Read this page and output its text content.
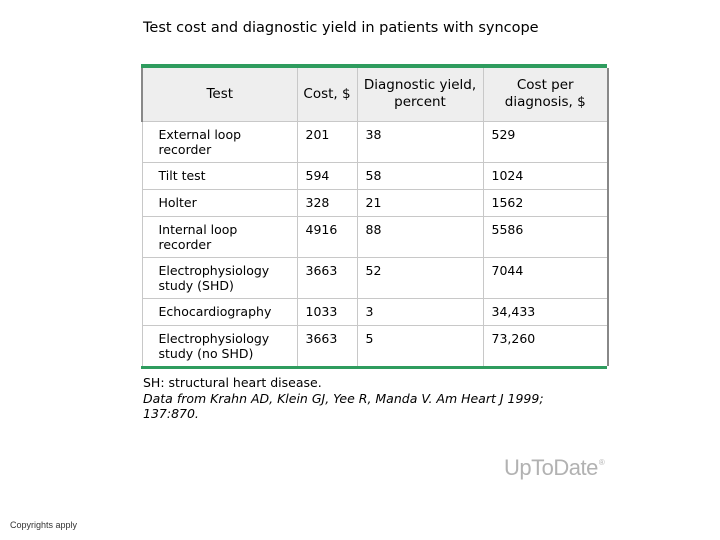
Test cost and diagnostic yield in patients with syncope
Test	Cost, $	Diagnostic yield, percent	Cost per diagnosis, $
External loop recorder	201	38	529
Tilt test	594	58	1024
Holter	328	21	1562
Internal loop recorder	4916	88	5586
Electrophysiology study (SHD)	3663	52	7044
Echocardiography	1033	3	34,433
Electrophysiology study (no SHD)	3663	5	73,260
SH: structural heart disease.
Data from Krahn AD, Klein GJ, Yee R, Manda V. Am Heart J 1999; 137:870.
UpToDate®
Copyrights apply
